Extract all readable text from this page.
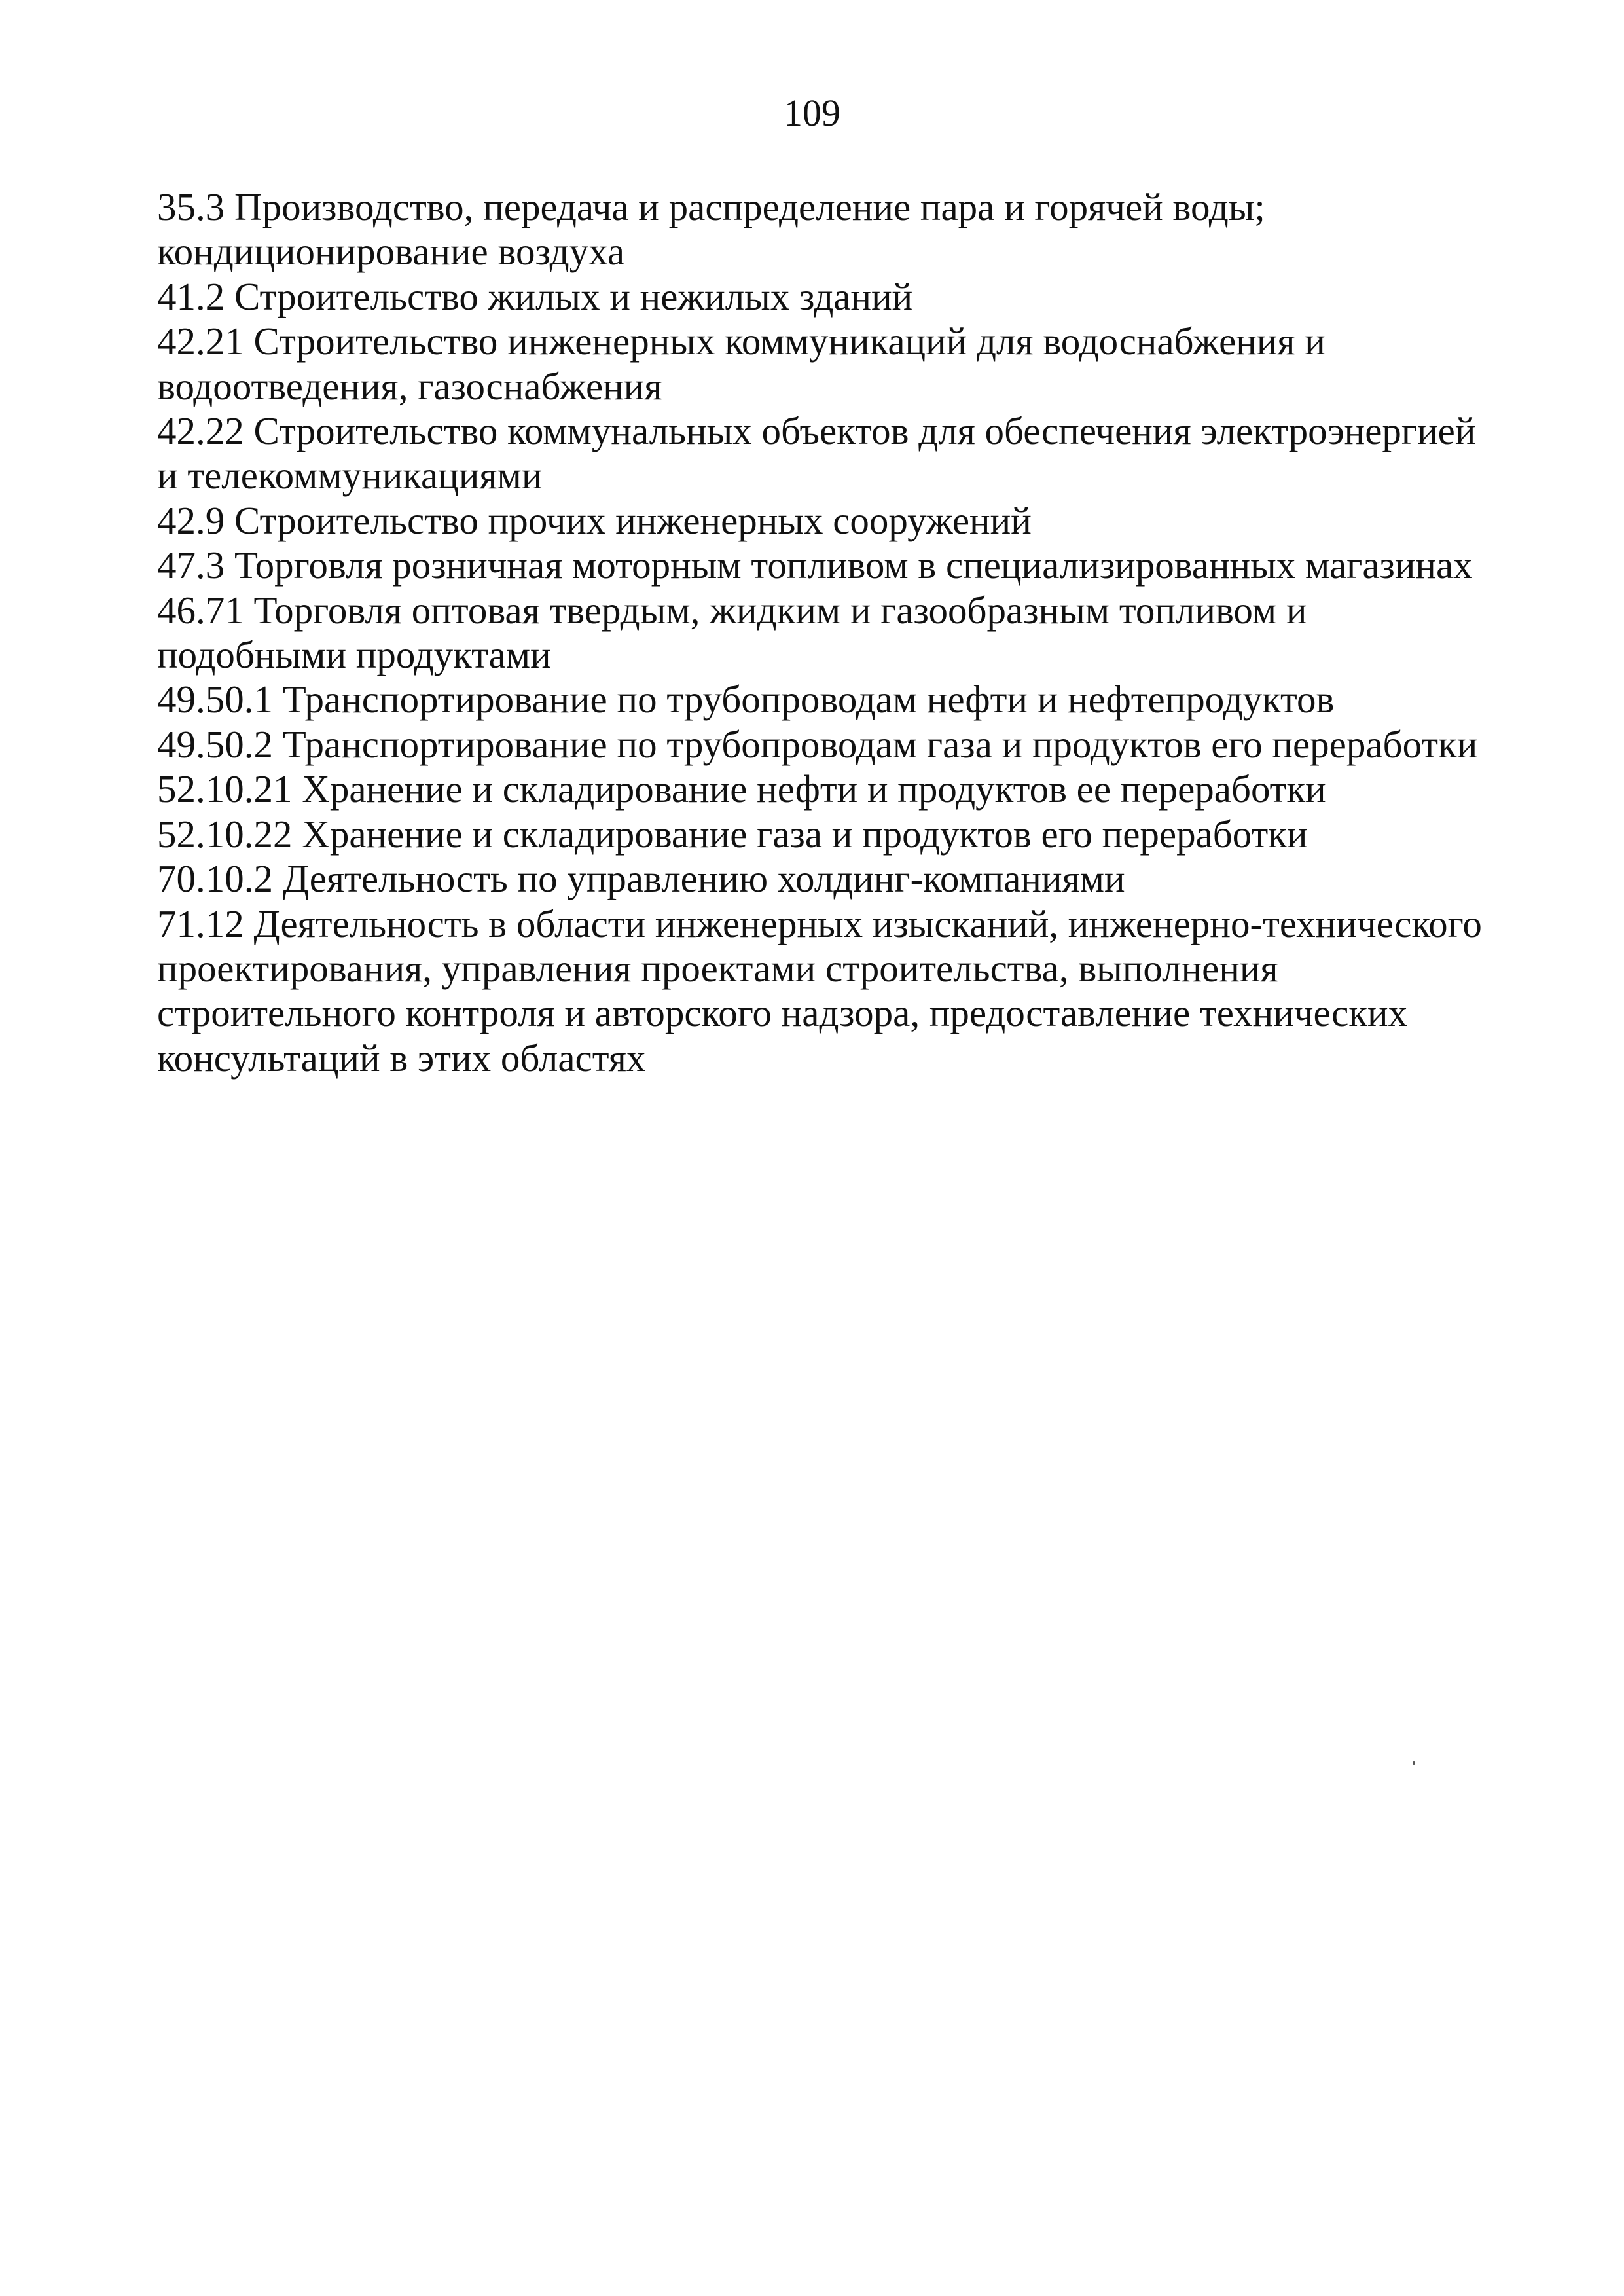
109

35.3 Производство, передача и распределение пара и горячей воды;
кондиционирование воздуха

41.2 Строительство жилых и нежилых зданий

42.21 Строительство инженерных коммуникаций для водоснабжения и
водоотведения, газоснабжения

42.22 Строительство коммунальных объектов для обеспечения электроэнергией
и телекоммуникациями

42.9 Строительство прочих инженерных сооружений

47.3 Торговля розничная моторным топливом в специализированных магазинах

46.71 Торговля оптовая твердым, жидким и газообразным топливом и
подобными продуктами

49.50.1 Транспортирование по трубопроводам нефти и нефтепродуктов

49.50.2 Транспортирование по трубопроводам газа и продуктов его переработки

52.10.21 Хранение и складирование нефти и продуктов ее переработки

52.10.22 Хранение и складирование газа и продуктов его переработки

70.10.2 Деятельность по управлению холдинг-компаниями

71.12 Деятельность в области инженерных изысканий, инженерно-технического
проектирования, управления проектами строительства, выполнения
строительного контроля и авторского надзора, предоставление технических
консультаций в этих областях
